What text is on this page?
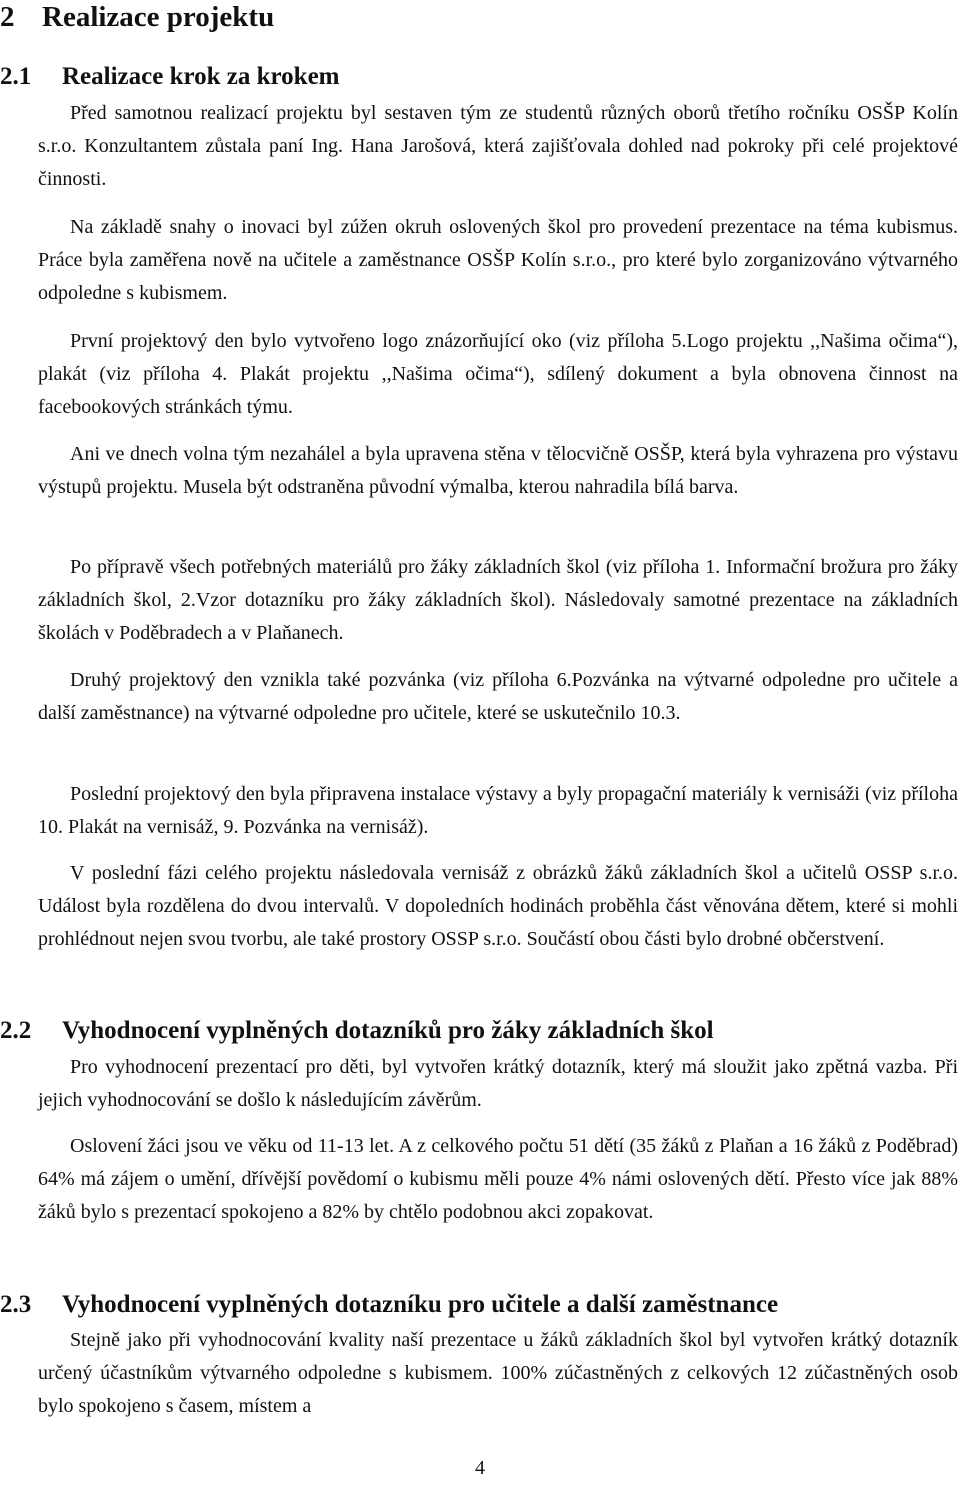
2 Realizace projektu
2.1 Realizace krok za krokem

Před samotnou realizací projektu byl sestaven tým ze studentů různých oborů třetího ročníku OSŠP Kolín s.r.o. Konzultantem zůstala paní Ing. Hana Jarošová, která zajišťovala dohled nad pokroky při celé projektové činnosti.

Na základě snahy o inovaci byl zúžen okruh oslovených škol pro provedení prezentace na téma kubismus. Práce byla zaměřena nově na učitele a zaměstnance OSŠP Kolín s.r.o., pro které bylo zorganizováno výtvarného odpoledne s kubismem.

První projektový den bylo vytvořeno logo znázorňující oko (viz příloha 5.Logo projektu ,,Našima očima“), plakát (viz příloha 4. Plakát projektu ,,Našima očima“), sdílený dokument a byla obnovena činnost na facebookových stránkách týmu.

Ani ve dnech volna tým nezahálel a byla upravena stěna v tělocvičně OSŠP, která byla vyhrazena pro výstavu výstupů projektu. Musela být odstraněna původní výmalba, kterou nahradila bílá barva.

Po přípravě všech potřebných materiálů pro žáky základních škol (viz příloha 1. Informační brožura pro žáky základních škol, 2.Vzor dotazníku pro žáky základních škol). Následovaly samotné prezentace na základních školách v Poděbradech a v Plaňanech.

Druhý projektový den vznikla také pozvánka (viz příloha 6.Pozvánka na výtvarné odpoledne pro učitele a další zaměstnance) na výtvarné odpoledne pro učitele, které se uskutečnilo 10.3.

Poslední projektový den byla připravena instalace výstavy a byly propagační materiály k vernisáži (viz příloha 10. Plakát na vernisáž, 9. Pozvánka na vernisáž).

V poslední fázi celého projektu následovala vernisáž z obrázků žáků základních škol a učitelů OSSP s.r.o. Událost byla rozdělena do dvou intervalů. V dopoledních hodinách proběhla část věnována dětem, které si mohli prohlédnout nejen svou tvorbu, ale také prostory OSSP s.r.o. Součástí obou části bylo drobné občerstvení.

2.2 Vyhodnocení vyplněných dotazníků pro žáky základních škol

Pro vyhodnocení prezentací pro děti, byl vytvořen krátký dotazník, který má sloužit jako zpětná vazba. Při jejich vyhodnocování se došlo k následujícím závěrům.

Oslovení žáci jsou ve věku od 11-13 let. A z celkového počtu 51 dětí (35 žáků z Plaňan a 16 žáků z Poděbrad) 64% má zájem o umění, dřívější povědomí o kubismu měli pouze 4% námi oslovených dětí. Přesto více jak 88% žáků bylo s prezentací spokojeno a 82% by chtělo podobnou akci zopakovat.

2.3 Vyhodnocení vyplněných dotazníku pro učitele a další zaměstnance

Stejně jako při vyhodnocování kvality naší prezentace u žáků základních škol byl vytvořen krátký dotazník určený účastníkům výtvarného odpoledne s kubismem. 100% zúčastněných z celkových 12 zúčastněných osob bylo spokojeno s časem, místem a

4
